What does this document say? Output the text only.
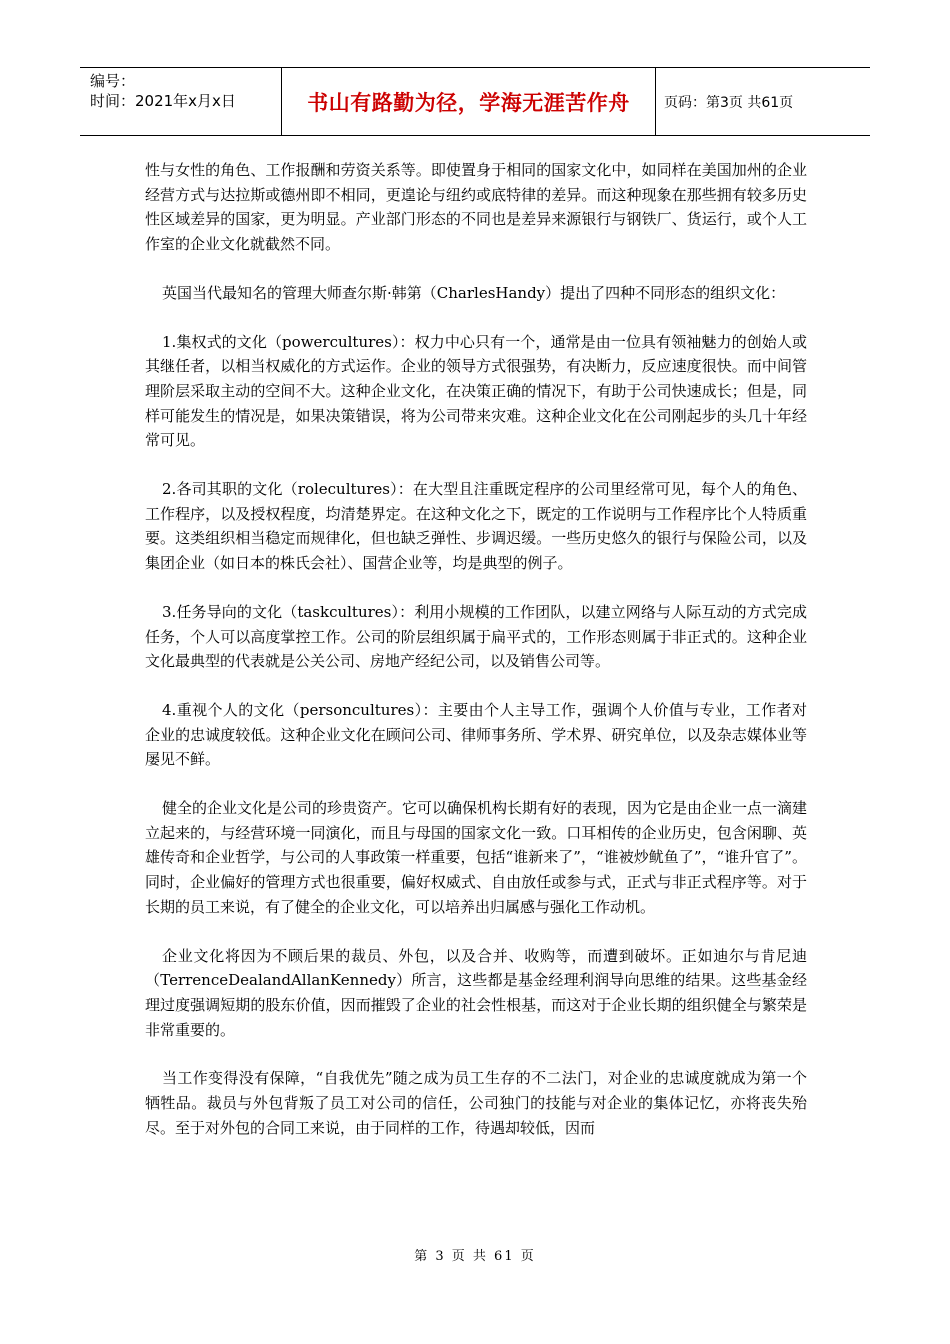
编号：
时间：2021年x月x日	书山有路勤为径，学海无涯苦作舟	页码：第3页 共61页

性与女性的角色、工作报酬和劳资关系等。即使置身于相同的国家文化中，如同样在美国加州的企业经营方式与达拉斯或德州即不相同，更遑论与纽约或底特律的差异。而这种现象在那些拥有较多历史性区域差异的国家，更为明显。产业部门形态的不同也是差异来源银行与钢铁厂、货运行，或个人工作室的企业文化就截然不同。

英国当代最知名的管理大师查尔斯·韩第（CharlesHandy）提出了四种不同形态的组织文化：

1.集权式的文化（powercultures）：权力中心只有一个，通常是由一位具有领袖魅力的创始人或其继任者，以相当权威化的方式运作。企业的领导方式很强势，有决断力，反应速度很快。而中间管理阶层采取主动的空间不大。这种企业文化，在决策正确的情况下，有助于公司快速成长；但是，同样可能发生的情况是，如果决策错误，将为公司带来灾难。这种企业文化在公司刚起步的头几十年经常可见。

2.各司其职的文化（rolecultures）：在大型且注重既定程序的公司里经常可见，每个人的角色、工作程序，以及授权程度，均清楚界定。在这种文化之下，既定的工作说明与工作程序比个人特质重要。这类组织相当稳定而规律化，但也缺乏弹性、步调迟缓。一些历史悠久的银行与保险公司，以及集团企业（如日本的株氏会社）、国营企业等，均是典型的例子。

3.任务导向的文化（taskcultures）：利用小规模的工作团队，以建立网络与人际互动的方式完成任务，个人可以高度掌控工作。公司的阶层组织属于扁平式的，工作形态则属于非正式的。这种企业文化最典型的代表就是公关公司、房地产经纪公司，以及销售公司等。

4.重视个人的文化（personcultures）：主要由个人主导工作，强调个人价值与专业，工作者对企业的忠诚度较低。这种企业文化在顾问公司、律师事务所、学术界、研究单位，以及杂志媒体业等屡见不鲜。

健全的企业文化是公司的珍贵资产。它可以确保机构长期有好的表现，因为它是由企业一点一滴建立起来的，与经营环境一同演化，而且与母国的国家文化一致。口耳相传的企业历史，包含闲聊、英雄传奇和企业哲学，与公司的人事政策一样重要，包括“谁新来了”，“谁被炒鱿鱼了”，“谁升官了”。同时，企业偏好的管理方式也很重要，偏好权威式、自由放任或参与式，正式与非正式程序等。对于长期的员工来说，有了健全的企业文化，可以培养出归属感与强化工作动机。

企业文化将因为不顾后果的裁员、外包，以及合并、收购等，而遭到破坏。正如迪尔与肯尼迪（TerrenceDealandAllanKennedy）所言，这些都是基金经理利润导向思维的结果。这些基金经理过度强调短期的股东价值，因而摧毁了企业的社会性根基，而这对于企业长期的组织健全与繁荣是非常重要的。

当工作变得没有保障，“自我优先”随之成为员工生存的不二法门，对企业的忠诚度就成为第一个牺牲品。裁员与外包背叛了员工对公司的信任，公司独门的技能与对企业的集体记忆，亦将丧失殆尽。至于对外包的合同工来说，由于同样的工作，待遇却较低，因而

第 3 页 共 61 页
